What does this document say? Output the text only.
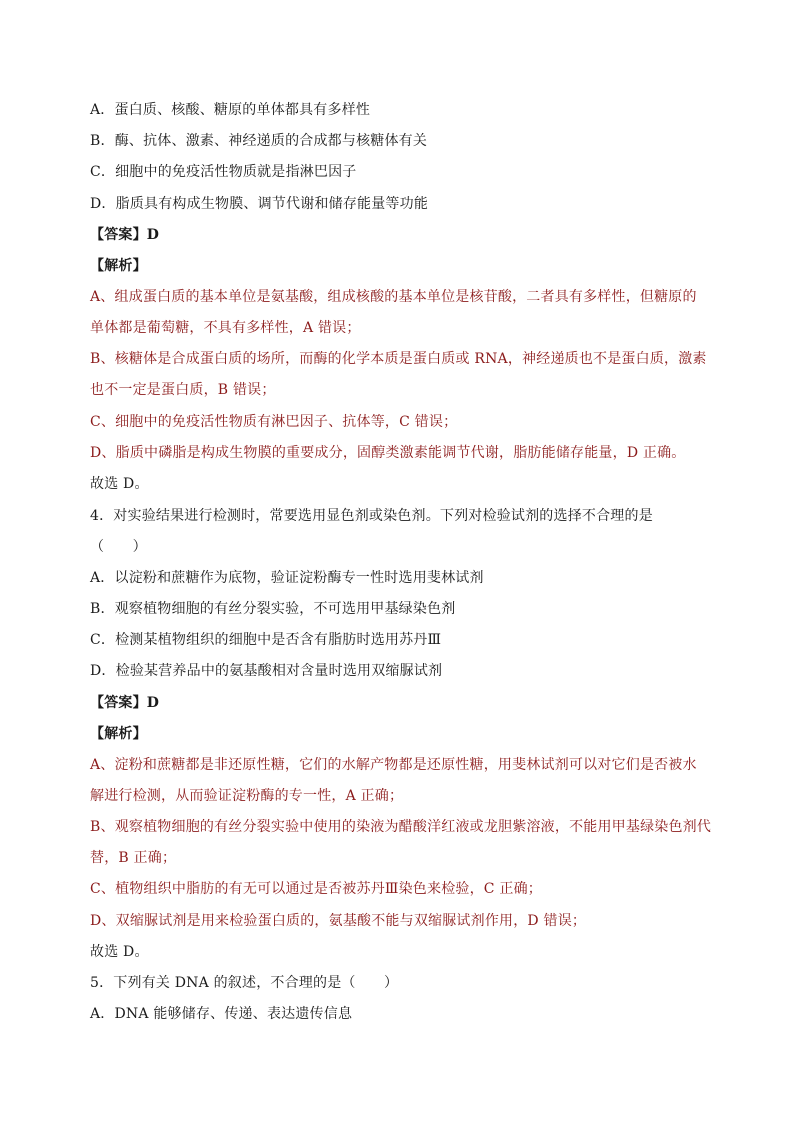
A．蛋白质、核酸、糖原的单体都具有多样性
B．酶、抗体、激素、神经递质的合成都与核糖体有关
C．细胞中的免疫活性物质就是指淋巴因子
D．脂质具有构成生物膜、调节代谢和储存能量等功能
【答案】D
【解析】
A、组成蛋白质的基本单位是氨基酸，组成核酸的基本单位是核苷酸，二者具有多样性，但糖原的
单体都是葡萄糖，不具有多样性，A 错误；
B、核糖体是合成蛋白质的场所，而酶的化学本质是蛋白质或 RNA，神经递质也不是蛋白质，激素
也不一定是蛋白质，B 错误；
C、细胞中的免疫活性物质有淋巴因子、抗体等，C 错误；
D、脂质中磷脂是构成生物膜的重要成分，固醇类激素能调节代谢，脂肪能储存能量，D 正确。
故选 D。
4．对实验结果进行检测时，常要选用显色剂或染色剂。下列对检验试剂的选择不合理的是
（　　）
A．以淀粉和蔗糖作为底物，验证淀粉酶专一性时选用斐林试剂
B．观察植物细胞的有丝分裂实验，不可选用甲基绿染色剂
C．检测某植物组织的细胞中是否含有脂肪时选用苏丹Ⅲ
D．检验某营养品中的氨基酸相对含量时选用双缩脲试剂
【答案】D
【解析】
A、淀粉和蔗糖都是非还原性糖，它们的水解产物都是还原性糖，用斐林试剂可以对它们是否被水
解进行检测，从而验证淀粉酶的专一性，A 正确；
B、观察植物细胞的有丝分裂实验中使用的染液为醋酸洋红液或龙胆紫溶液，不能用甲基绿染色剂代
替，B 正确；
C、植物组织中脂肪的有无可以通过是否被苏丹Ⅲ染色来检验，C 正确；
D、双缩脲试剂是用来检验蛋白质的，氨基酸不能与双缩脲试剂作用，D 错误；
故选 D。
5．下列有关 DNA 的叙述，不合理的是（　　）
A．DNA 能够储存、传递、表达遗传信息
